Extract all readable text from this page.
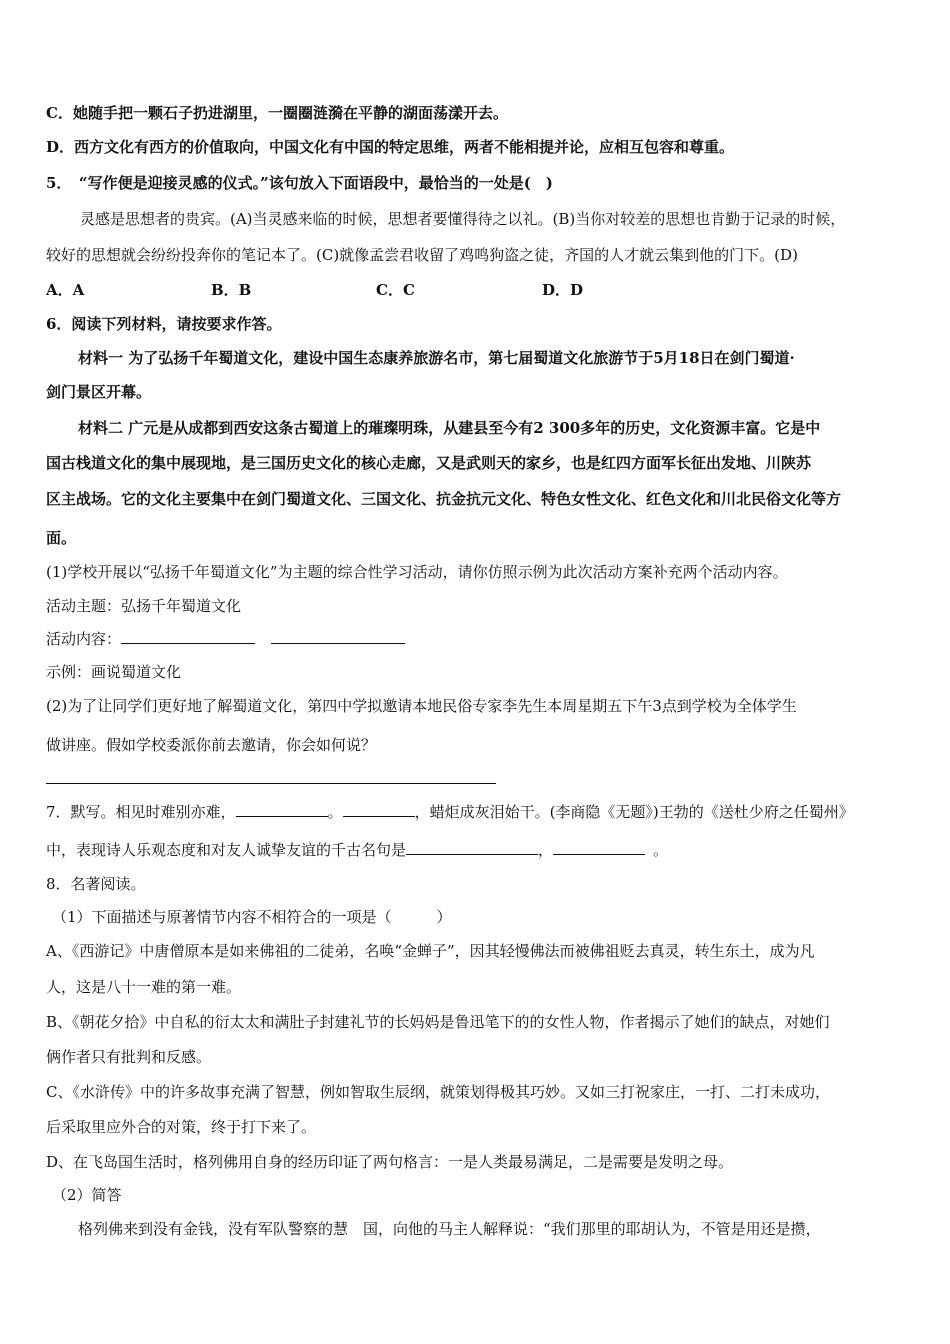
C．她随手把一颗石子扔进湖里，一圈圈涟漪在平静的湖面荡漾开去。
D．西方文化有西方的价值取向，中国文化有中国的特定思维，两者不能相提并论，应相互包容和尊重。
5．　“写作便是迎接灵感的仪式。”该句放入下面语段中，最恰当的一处是(　)
灵感是思想者的贵宾。(A)当灵感来临的时候，思想者要懂得待之以礼。(B)当你对较差的思想也肯勤于记录的时候，
较好的思想就会纷纷投奔你的笔记本了。(C)就像孟尝君收留了鸡鸣狗盗之徒，齐国的人才就云集到他的门下。(D)
A．A	B．B	C．C	D．D
6．阅读下列材料，请按要求作答。
材料一 为了弘扬千年蜀道文化，建设中国生态康养旅游名市，第七届蜀道文化旅游节于5月18日在剑门蜀道·
剑门景区开幕。
材料二 广元是从成都到西安这条古蜀道上的璀璨明珠，从建县至今有2 300多年的历史，文化资源丰富。它是中
国古栈道文化的集中展现地，是三国历史文化的核心走廊，又是武则天的家乡，也是红四方面军长征出发地、川陕苏
区主战场。它的文化主要集中在剑门蜀道文化、三国文化、抗金抗元文化、特色女性文化、红色文化和川北民俗文化等方
面。
(1)学校开展以“弘扬千年蜀道文化”为主题的综合性学习活动，请你仿照示例为此次活动方案补充两个活动内容。
活动主题：弘扬千年蜀道文化
活动内容：
示例：画说蜀道文化
(2)为了让同学们更好地了解蜀道文化，第四中学拟邀请本地民俗专家李先生本周星期五下午3点到学校为全体学生
做讲座。假如学校委派你前去邀请，你会如何说？
7．默写。相见时难别亦难，	。	，蜡炬成灰泪始干。(李商隐《无题》)王勃的《送杜少府之任蜀州》
中，表现诗人乐观态度和对友人诚挚友谊的千古名句是	，	。
8．名著阅读。
（1）下面描述与原著情节内容不相符合的一项是（　　　）
A、《西游记》中唐僧原本是如来佛祖的二徒弟，名唤“金蝉子”，因其轻慢佛法而被佛祖贬去真灵，转生东土，成为凡
人，这是八十一难的第一难。
B、《朝花夕拾》中自私的衍太太和满肚子封建礼节的长妈妈是鲁迅笔下的的女性人物，作者揭示了她们的缺点，对她们
俩作者只有批判和反感。
C、《水浒传》中的许多故事充满了智慧，例如智取生辰纲，就策划得极其巧妙。又如三打祝家庄，一打、二打未成功，
后采取里应外合的对策，终于打下来了。
D、在飞岛国生活时，格列佛用自身的经历印证了两句格言：一是人类最易满足，二是需要是发明之母。
（2）简答
格列佛来到没有金钱，没有军队警察的慧　国，向他的马主人解释说：“我们那里的耶胡认为，不管是用还是攒，
